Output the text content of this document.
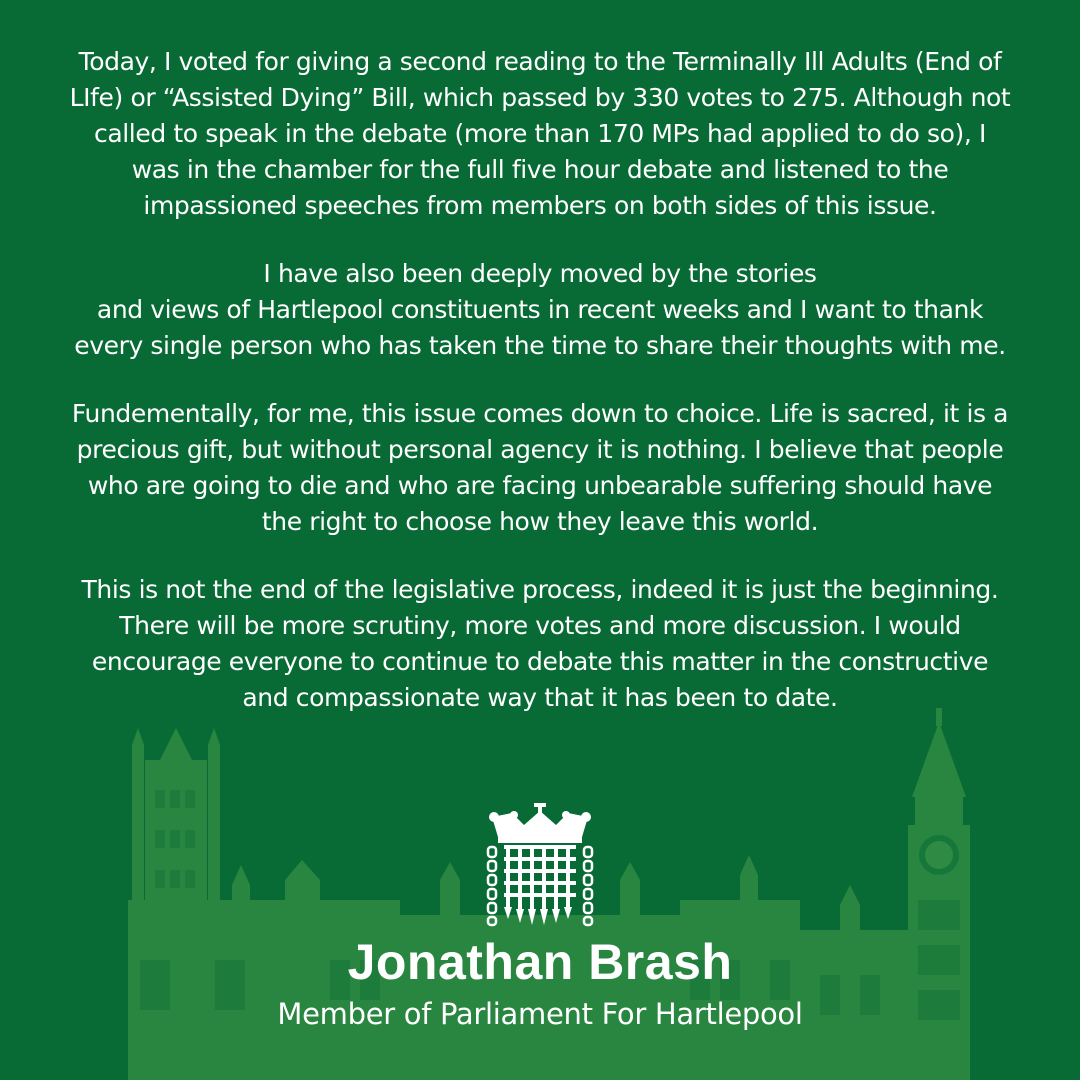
Today, I voted for giving a second reading to the Terminally Ill Adults (End of
LIfe) or “Assisted Dying” Bill, which passed by 330 votes to 275. Although not
called to speak in the debate (more than 170 MPs had applied to do so), I
was in the chamber for the full five hour debate and listened to the
impassioned speeches from members on both sides of this issue.

I have also been deeply moved by the stories
and views of Hartlepool constituents in recent weeks and I want to thank
every single person who has taken the time to share their thoughts with me.

Fundementally, for me, this issue comes down to choice. Life is sacred, it is a
precious gift, but without personal agency it is nothing. I believe that people
who are going to die and who are facing unbearable suffering should have
the right to choose how they leave this world.

This is not the end of the legislative process, indeed it is just the beginning.
There will be more scrutiny, more votes and more discussion. I would
encourage everyone to continue to debate this matter in the constructive
and compassionate way that it has been to date.

Jonathan Brash
Member of Parliament For Hartlepool
